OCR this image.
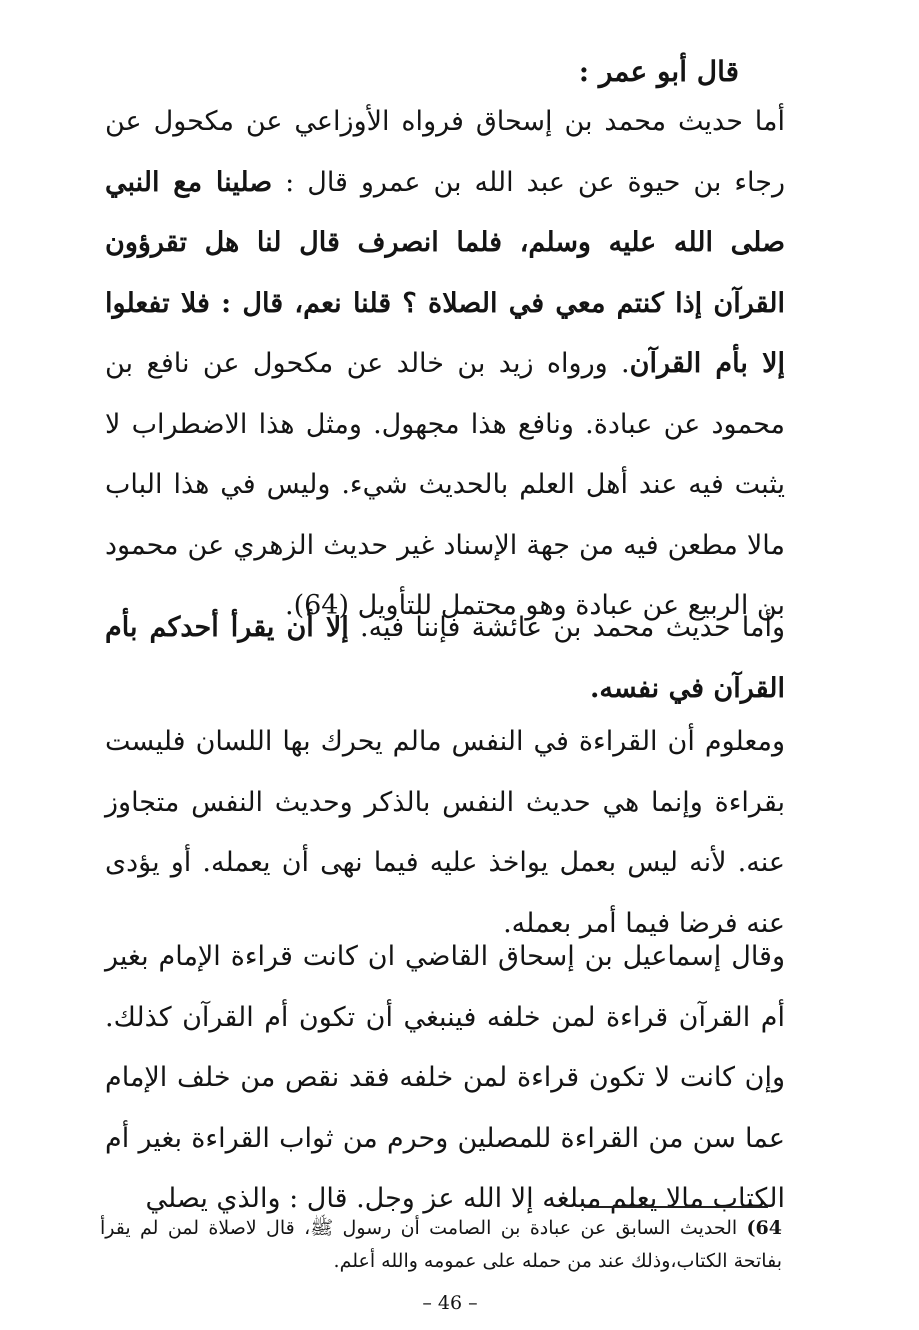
قال أبو عمر :

أما حديث محمد بن إسحاق فرواه الأوزاعي عن مكحول عن رجاء بن حيوة عن عبد الله بن عمرو قال : صلينا مع النبي صلى الله عليه وسلم، فلما انصرف قال لنا هل تقرؤون القرآن إذا كنتم معي في الصلاة ؟ قلنا نعم، قال : فلا تفعلوا إلا بأم القرآن. ورواه زيد بن خالد عن مكحول عن نافع بن محمود عن عبادة. ونافع هذا مجهول. ومثل هذا الاضطراب لا يثبت فيه عند أهل العلم بالحديث شيء. وليس في هذا الباب مالا مطعن فيه من جهة الإسناد غير حديث الزهري عن محمود بن الربيع عن عبادة وهو محتمل للتأويل (64).

وأما حديث محمد بن عائشة فإننا فيه. إلا أن يقرأ أحدكم بأم القرآن في نفسه.

ومعلوم أن القراءة في النفس مالم يحرك بها اللسان فليست بقراءة وإنما هي حديث النفس بالذكر وحديث النفس متجاوز عنه. لأنه ليس بعمل يواخذ عليه فيما نهى أن يعمله. أو يؤدى عنه فرضا فيما أمر بعمله.

وقال إسماعيل بن إسحاق القاضي ان كانت قراءة الإمام بغير أم القرآن قراءة لمن خلفه فينبغي أن تكون أم القرآن كذلك. وإن كانت لا تكون قراءة لمن خلفه فقد نقص من خلف الإمام عما سن من القراءة للمصلين وحرم من ثواب القراءة بغير أم الكتاب مالا يعلم مبلغه إلا الله عز وجل. قال : والذي يصلي

64) الحديث السابق عن عبادة بن الصامت أن رسول ﷺ، قال لاصلاة لمن لم يقرأ بفاتحة الكتاب،وذلك عند من حمله على عمومه والله أعلم.

– 46 –
